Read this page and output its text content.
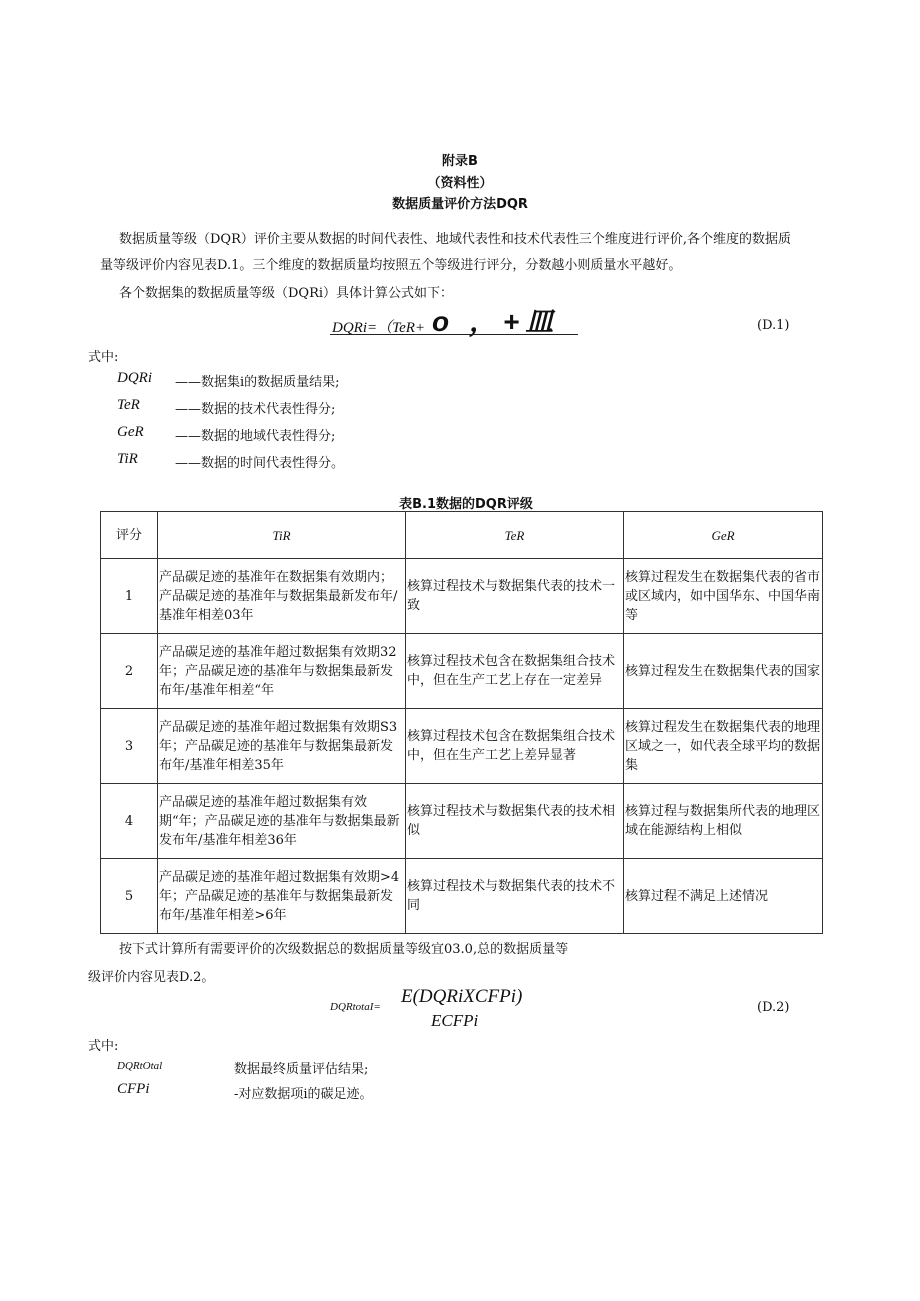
附录B
（资料性）
数据质量评价方法DQR
数据质量等级（DQR）评价主要从数据的时间代表性、地域代表性和技术代表性三个维度进行评价,各个维度的数据质
量等级评价内容见表D.1。三个维度的数据质量均按照五个等级进行评分，分数越小则质量水平越好。
各个数据集的数据质量等级（DQRi）具体计算公式如下：
DQRi=（TeR+ o ，+皿	(D.1)
式中:
DQRi ——数据集i的数据质量结果;
TeR	——数据的技术代表性得分;
GeR ——数据的地域代表性得分;
TiR	——数据的时间代表性得分。
表B.1数据的DQR评级
评分	TiR	TeR	GeR
1	产品碳足迹的基准年在数据集有效期内；产品碳足迹的基准年与数据集最新发布年/基准年相差03年	核算过程技术与数据集代表的技术一致	核算过程发生在数据集代表的省市或区域内，如中国华东、中国华南等
2	产品碳足迹的基准年超过数据集有效期32年；产品碳足迹的基准年与数据集最新发布年/基准年相差“年	核算过程技术包含在数据集组合技术中，但在生产工艺上存在一定差异	核算过程发生在数据集代表的国家
3	产品碳足迹的基准年超过数据集有效期S3年；产品碳足迹的基准年与数据集最新发布年/基准年相差35年	核算过程技术包含在数据集组合技术中，但在生产工艺上差异显著	核算过程发生在数据集代表的地理区域之一，如代表全球平均的数据集
4	产品碳足迹的基准年超过数据集有效期“年；产品碳足迹的基准年与数据集最新发布年/基准年相差36年	核算过程技术与数据集代表的技术相似	核算过程与数据集所代表的地理区域在能源结构上相似
5	产品碳足迹的基准年超过数据集有效期>4年；产品碳足迹的基准年与数据集最新发布年/基准年相差>6年	核算过程技术与数据集代表的技术不同	核算过程不满足上述情况
按下式计算所有需要评价的次级数据总的数据质量等级宜03.0,总的数据质量等
级评价内容见表D.2。
DQRtotaI= E(DQRiXCFPi)
ECFPi
(D.2)
式中:
DQRtOtal	数据最终质量评估结果;
CFPi	-对应数据项i的碳足迹。
